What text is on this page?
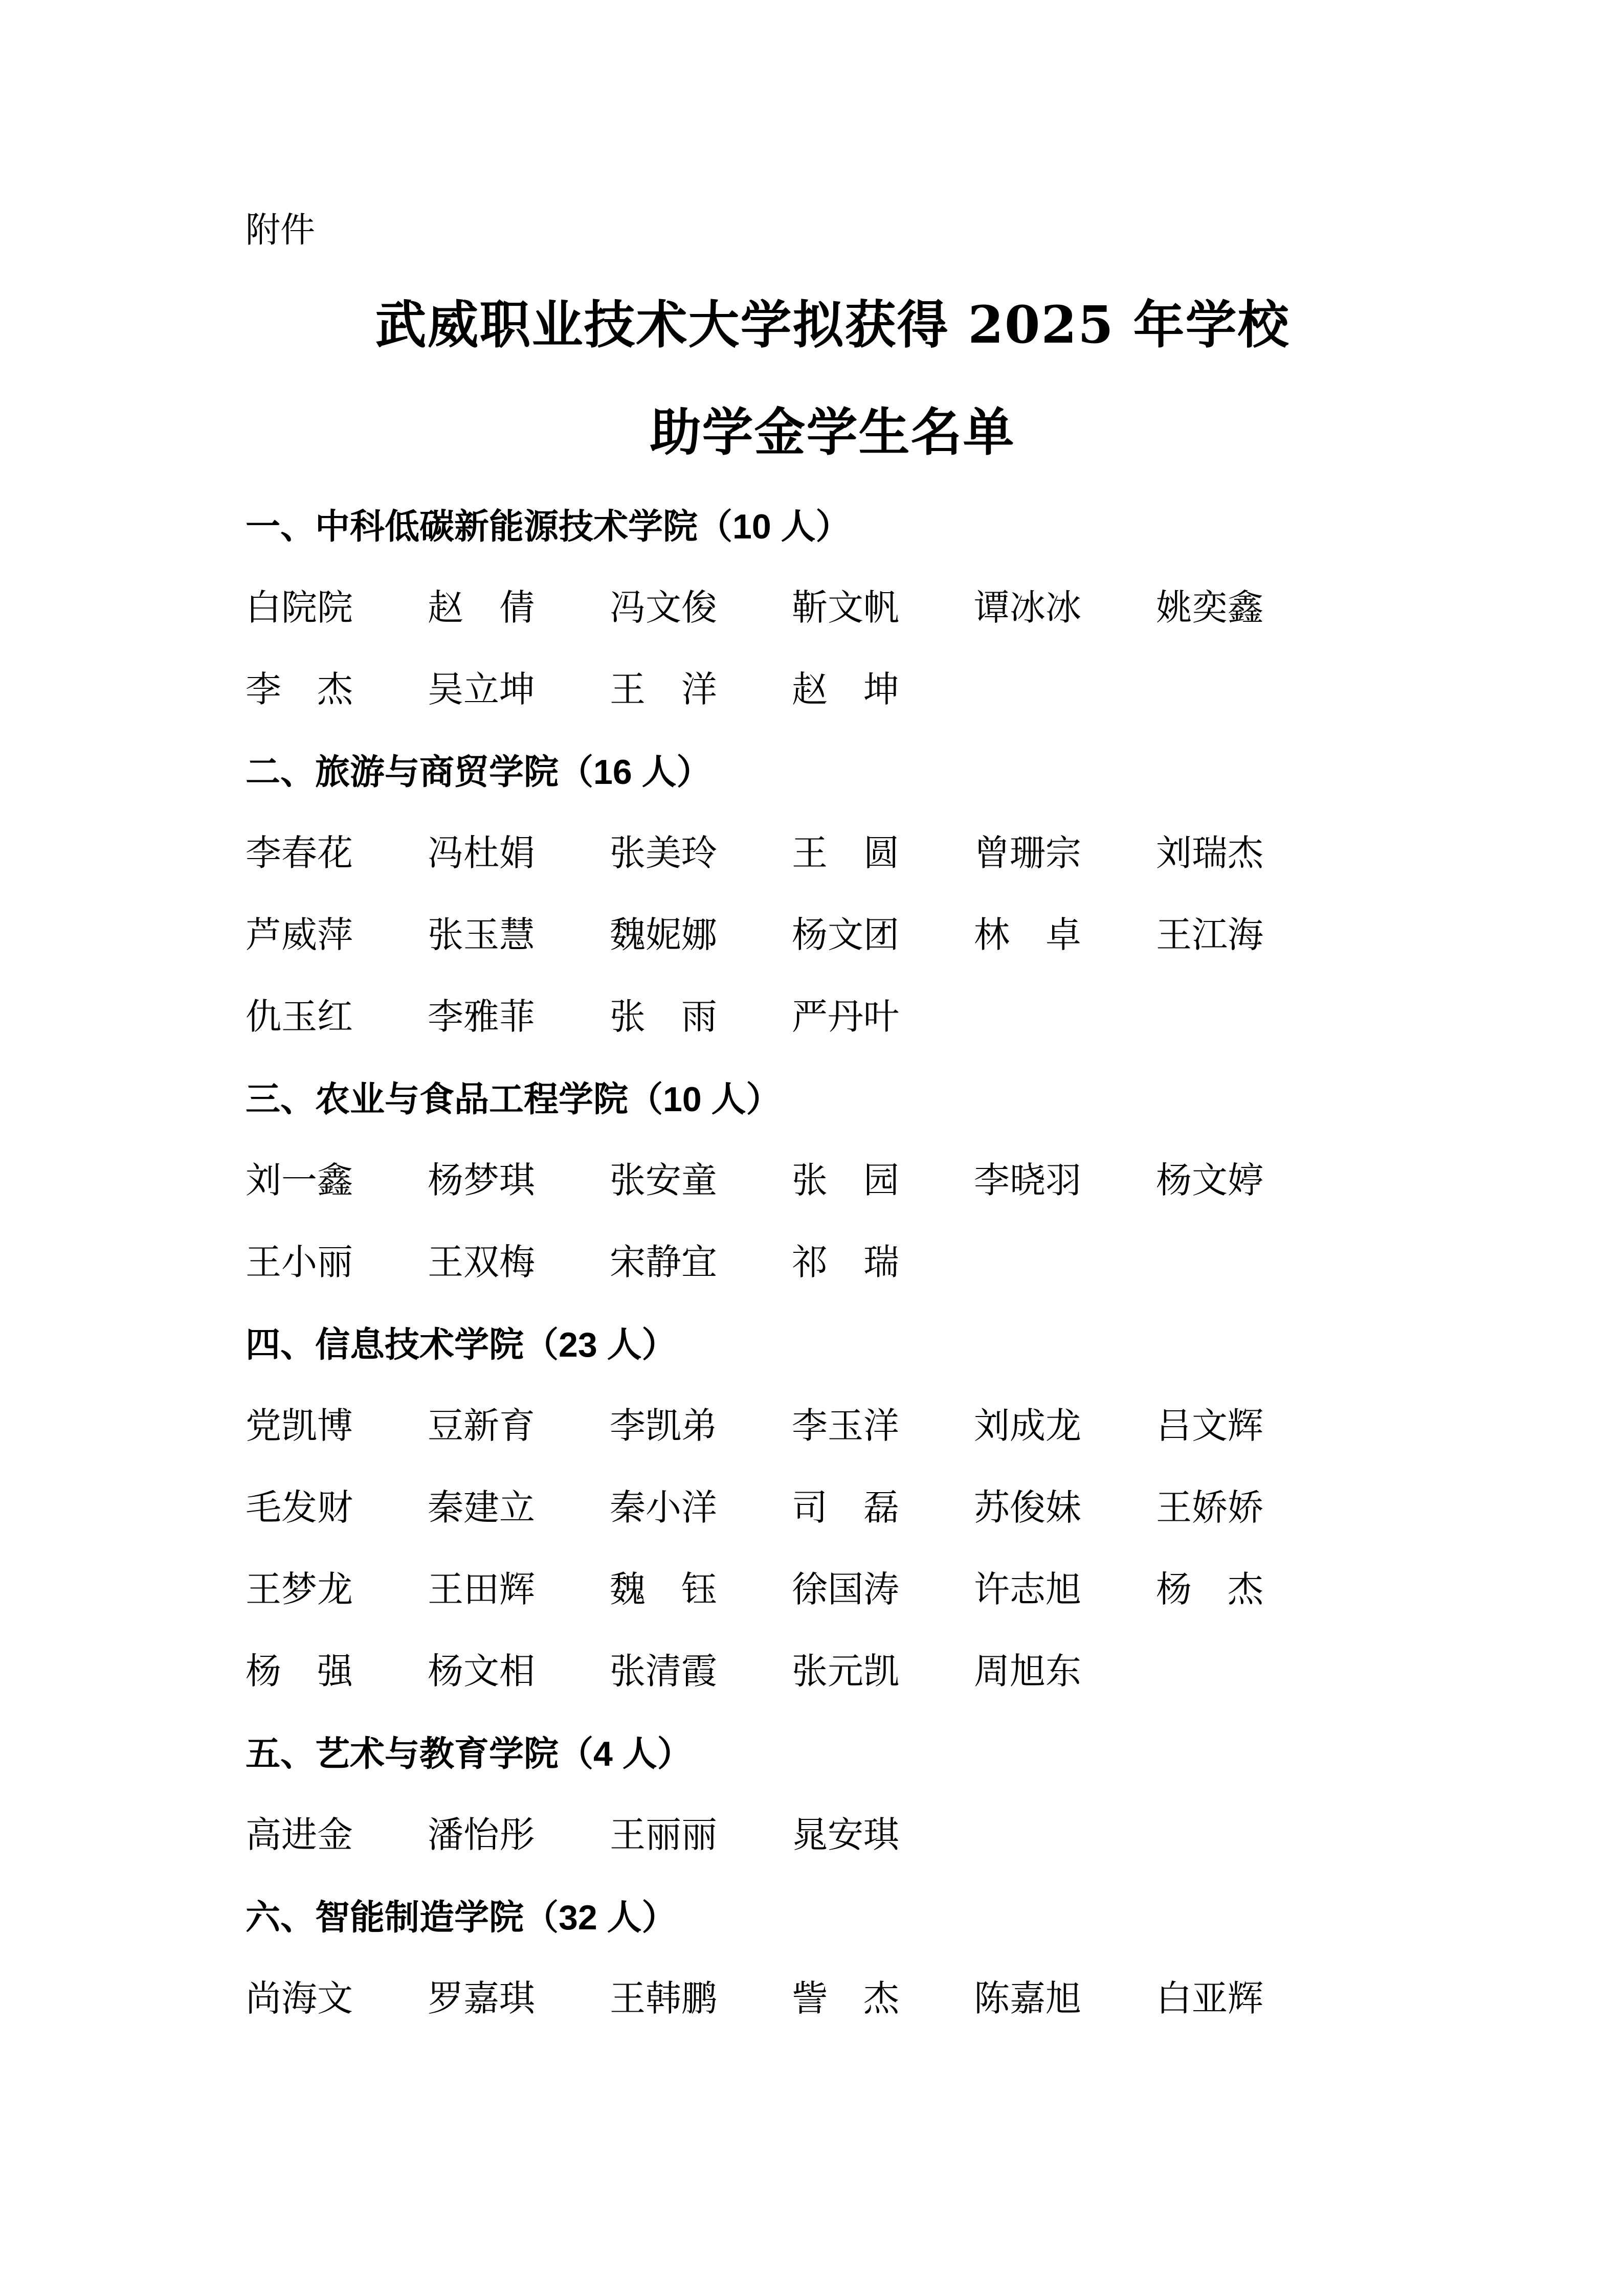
附件
武威职业技术大学拟获得 2025 年学校
助学金学生名单
一、中科低碳新能源技术学院（10 人）
白院院 赵　倩 冯文俊 靳文帆 谭冰冰 姚奕鑫
李　杰 吴立坤 王　洋 赵　坤
二、旅游与商贸学院（16 人）
李春花 冯杜娟 张美玲 王　圆 曾珊宗 刘瑞杰
芦威萍 张玉慧 魏妮娜 杨文团 林　卓 王江海
仇玉红 李雅菲 张　雨 严丹叶
三、农业与食品工程学院（10 人）
刘一鑫 杨梦琪 张安童 张　园 李晓羽 杨文婷
王小丽 王双梅 宋静宜 祁　瑞
四、信息技术学院（23 人）
党凯博 豆新育 李凯弟 李玉洋 刘成龙 吕文辉
毛发财 秦建立 秦小洋 司　磊 苏俊妹 王娇娇
王梦龙 王田辉 魏　钰 徐国涛 许志旭 杨　杰
杨　强 杨文相 张清霞 张元凯 周旭东
五、艺术与教育学院（4 人）
高进金 潘怡彤 王丽丽 晁安琪
六、智能制造学院（32 人）
尚海文 罗嘉琪 王韩鹏 訾　杰 陈嘉旭 白亚辉
